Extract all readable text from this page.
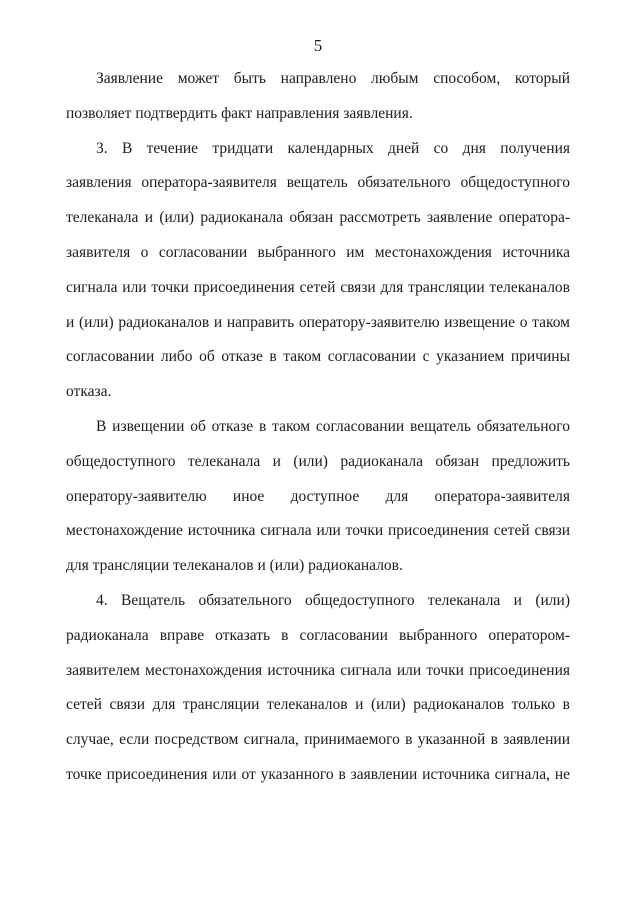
5
Заявление может быть направлено любым способом, который
позволяет подтвердить факт направления заявления.
3. В течение тридцати календарных дней со дня получения
заявления оператора-заявителя вещатель обязательного общедоступного
телеканала и (или) радиоканала обязан рассмотреть заявление оператора-
заявителя о согласовании выбранного им местонахождения источника
сигнала или точки присоединения сетей связи для трансляции телеканалов
и (или) радиоканалов и направить оператору-заявителю извещение о таком
согласовании либо об отказе в таком согласовании с указанием причины
отказа.
В извещении об отказе в таком согласовании вещатель обязательного
общедоступного телеканала и (или) радиоканала обязан предложить
оператору-заявителю иное доступное для оператора-заявителя
местонахождение источника сигнала или точки присоединения сетей связи
для трансляции телеканалов и (или) радиоканалов.
4. Вещатель обязательного общедоступного телеканала и (или)
радиоканала вправе отказать в согласовании выбранного оператором-
заявителем местонахождения источника сигнала или точки присоединения
сетей связи для трансляции телеканалов и (или) радиоканалов только в
случае, если посредством сигнала, принимаемого в указанной в заявлении
точке присоединения или от указанного в заявлении источника сигнала, не
